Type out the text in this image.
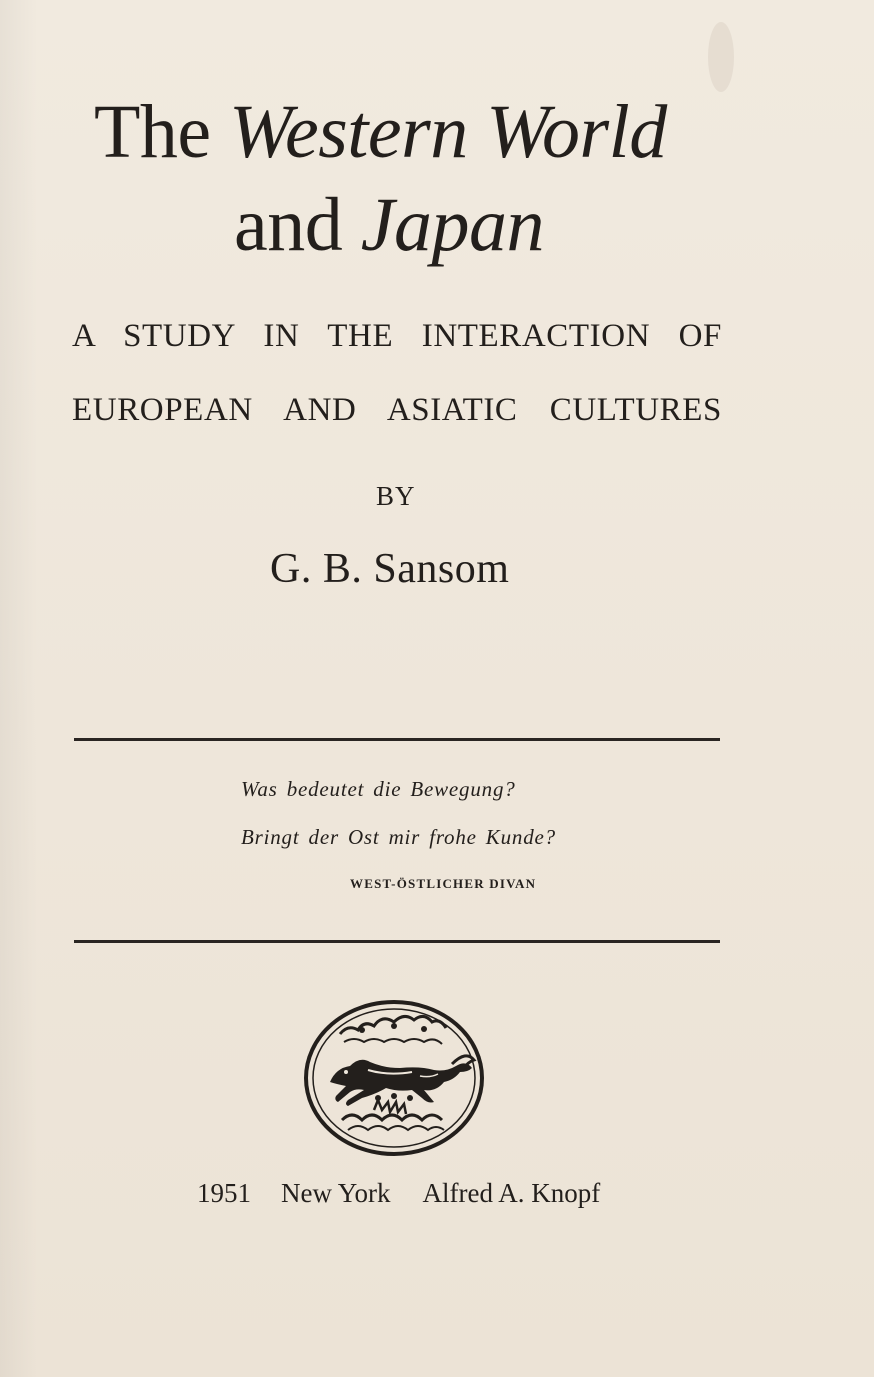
The Western World
and Japan
A STUDY IN THE INTERACTION OF
EUROPEAN AND ASIATIC CULTURES
BY
G. B. Sansom
Was bedeutet die Bewegung?
Bringt der Ost mir frohe Kunde?
WEST-ÖSTLICHER DIVAN
1951 New York Alfred A. Knopf
